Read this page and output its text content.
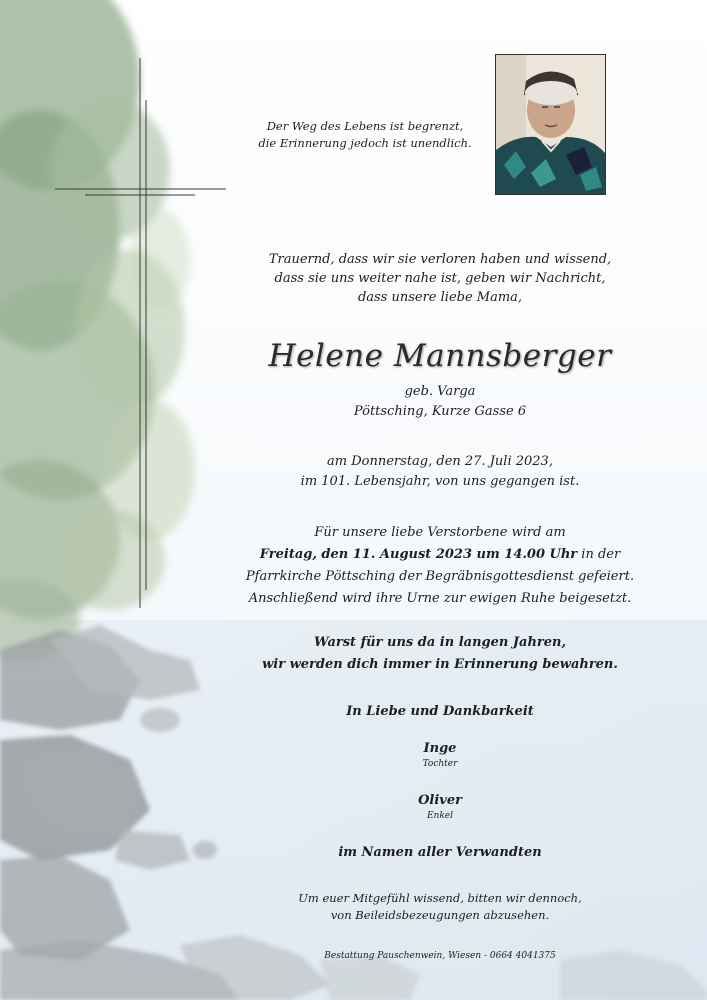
Der Weg des Lebens ist begrenzt,
die Erinnerung jedoch ist unendlich.
Trauernd, dass wir sie verloren haben und wissend,
dass sie uns weiter nahe ist, geben wir Nachricht,
dass unsere liebe Mama,
Helene Mannsberger
geb. Varga
Pöttsching, Kurze Gasse 6
am Donnerstag, den 27. Juli 2023,
im 101. Lebensjahr, von uns gegangen ist.
Für unsere liebe Verstorbene wird am
Freitag, den 11. August 2023 um 14.00 Uhr in der
Pfarrkirche Pöttsching der Begräbnisgottesdienst gefeiert.
Anschließend wird ihre Urne zur ewigen Ruhe beigesetzt.
Warst für uns da in langen Jahren,
wir werden dich immer in Erinnerung bewahren.
In Liebe und Dankbarkeit
Inge
Tochter
Oliver
Enkel
im Namen aller Verwandten
Um euer Mitgefühl wissend, bitten wir dennoch,
von Beileidsbezeugungen abzusehen.
Bestattung Pauschenwein, Wiesen - 0664 4041375
